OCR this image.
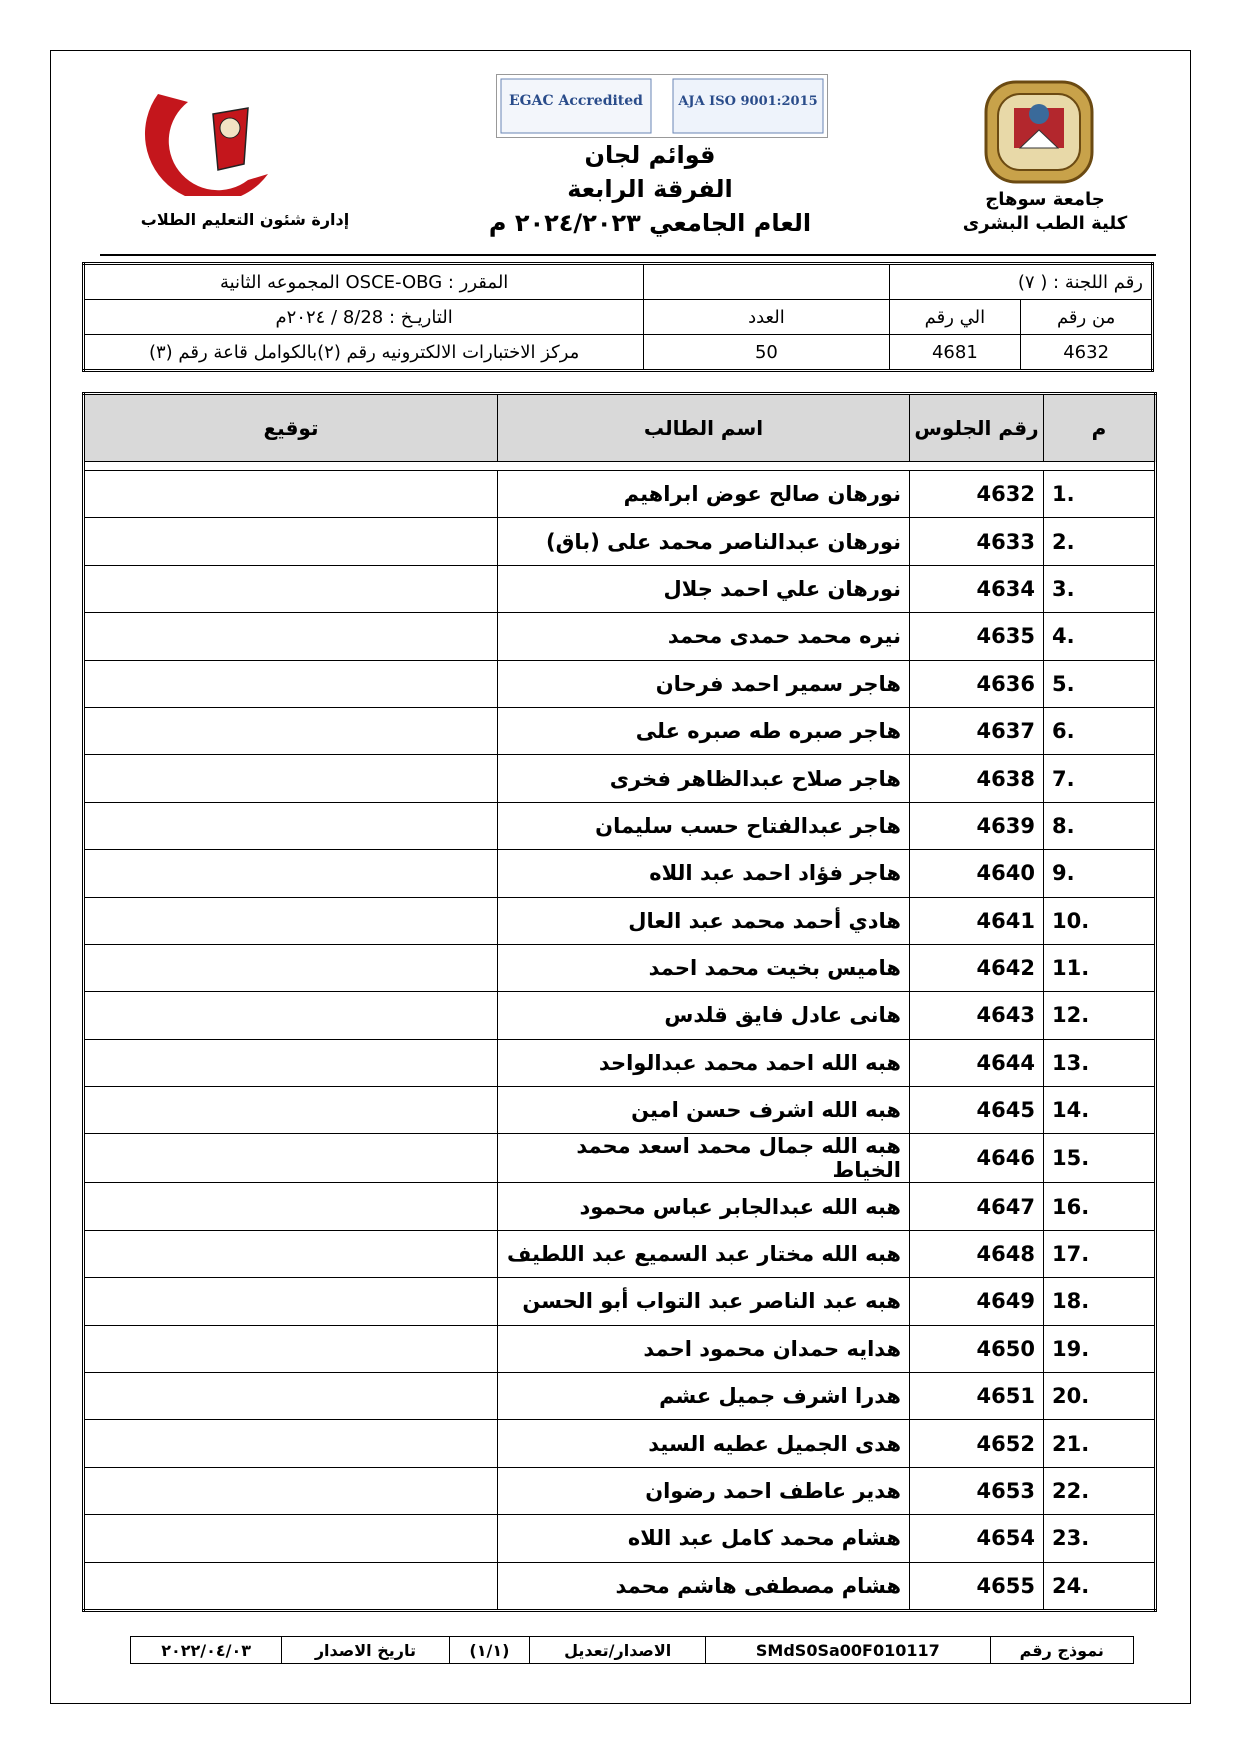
EGAC Accredited	AJA ISO 9001:2015
قوائم لجان
الفرقة الرابعة
العام الجامعي ٢٠٢٤/٢٠٢٣ م
جامعة سوهاج
كلية الطب البشرى
إدارة شئون التعليم الطلاب
رقم اللجنة : ( ٧)			المقرر : OSCE-OBG المجموعه الثانية
من رقم	الي رقم	العدد	التاريـخ : 8/28 / ٢٠٢٤م
4632	4681	50	مركز الاختبارات الالكترونيه رقم (٢)بالكوامل قاعة رقم (٣)
م	رقم الجلوس	اسم الطالب	توقيع

1.	4632	نورهان صالح عوض ابراهيم	
2.	4633	نورهان عبدالناصر محمد على (باق)	
3.	4634	نورهان علي احمد جلال	
4.	4635	نيره محمد حمدى محمد	
5.	4636	هاجر سمير احمد فرحان	
6.	4637	هاجر صبره طه صبره على	
7.	4638	هاجر صلاح عبدالظاهر فخرى	
8.	4639	هاجر عبدالفتاح حسب سليمان	
9.	4640	هاجر فؤاد احمد عبد اللاه	
10.	4641	هادي أحمد محمد عبد العال	
11.	4642	هاميس بخيت محمد احمد	
12.	4643	هانى عادل فايق قلدس	
13.	4644	هبه الله احمد محمد عبدالواحد	
14.	4645	هبه الله اشرف حسن امين	
15.	4646	هبه الله جمال محمد اسعد محمد الخياط	
16.	4647	هبه الله عبدالجابر عباس محمود	
17.	4648	هبه الله مختار عبد السميع عبد اللطيف	
18.	4649	هبه عبد الناصر عبد التواب أبو الحسن	
19.	4650	هدايه حمدان محمود احمد	
20.	4651	هدرا اشرف جميل عشم	
21.	4652	هدى الجميل عطيه السيد	
22.	4653	هدير عاطف احمد رضوان	
23.	4654	هشام محمد كامل عبد اللاه	
24.	4655	هشام مصطفى هاشم محمد	
نموذج رقم	SMdS0Sa00F010117	الاصدار/تعديل	(١/١)	تاريخ الاصدار	٢٠٢٢/٠٤/٠٣
